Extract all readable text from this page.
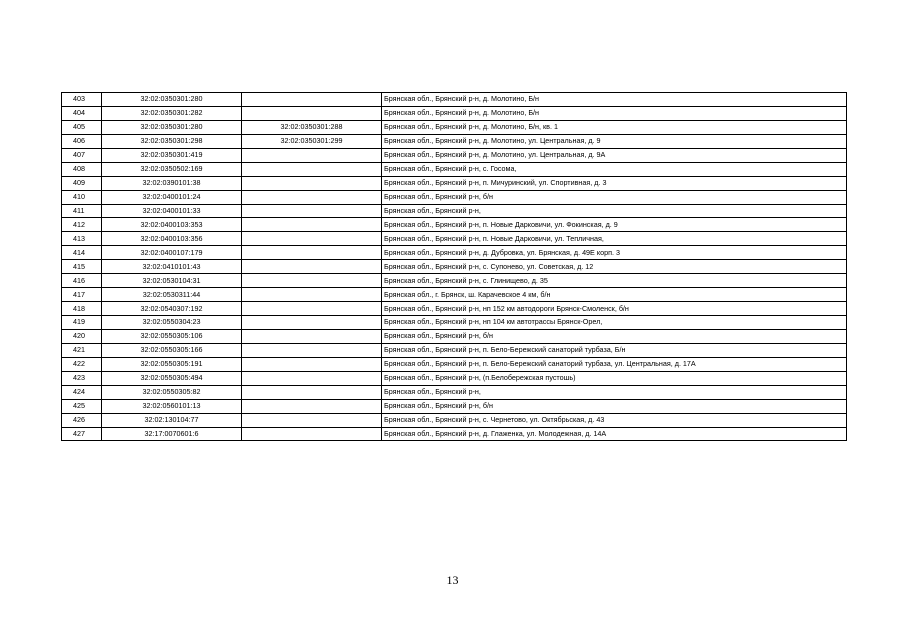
403	32:02:0350301:280		Брянская обл., Брянский р-н, д. Молотино, Б/н
404	32:02:0350301:282		Брянская обл., Брянский р-н, д. Молотино, Б/н
405	32:02:0350301:280	32:02:0350301:288	Брянская обл., Брянский р-н, д. Молотино, Б/н, кв. 1
406	32:02:0350301:298	32:02:0350301:299	Брянская обл., Брянский р-н, д. Молотино, ул. Центральная, д. 9
407	32:02:0350301:419		Брянская обл., Брянский р-н, д. Молотино, ул. Центральная, д. 9А
408	32:02:0350502:169		Брянская обл., Брянский р-н, с. Госома,
409	32:02:0390101:38		Брянская обл., Брянский р-н, п. Мичуринский, ул. Спортивная, д. 3
410	32:02:0400101:24		Брянская обл., Брянский р-н, б/н
411	32:02:0400101:33		Брянская обл., Брянский р-н,
412	32:02:0400103:353		Брянская обл., Брянский р-н, п. Новые Дарковичи, ул. Фокинская, д. 9
413	32:02:0400103:356		Брянская обл., Брянский р-н, п. Новые Дарковичи, ул. Тепличная,
414	32:02:0400107:179		Брянская обл., Брянский р-н, д. Дубровка, ул. Брянская, д. 49Е корп. 3
415	32:02:0410101:43		Брянская обл., Брянский р-н, с. Супонево, ул. Советская, д. 12
416	32:02:0530104:31		Брянская обл., Брянский р-н, с. Глинищево, д. 35
417	32:02:0530311:44		Брянская обл., г. Брянск, ш. Карачевское 4 км, б/н
418	32:02:0540307:192		Брянская обл., Брянский р-н, нп 152 км автодороги Брянск-Смоленск, б/н
419	32:02:0550304:23		Брянская обл., Брянский р-н, нп 104 км автотрассы Брянск-Орел,
420	32:02:0550305:106		Брянская обл., Брянский р-н, б/н
421	32:02:0550305:166		Брянская обл., Брянский р-н, п. Бело-Бережский санаторий турбаза, Б/н
422	32:02:0550305:191		Брянская обл., Брянский р-н, п. Бело-Бережский санаторий турбаза, ул. Центральная, д. 17А
423	32:02:0550305:494		Брянская обл., Брянский р-н, (п.Белобережская пустошь)
424	32:02:0550305:82		Брянская обл., Брянский р-н,
425	32:02:0560101:13		Брянская обл., Брянский р-н, б/н
426	32:02:130104:77		Брянская обл., Брянский р-н, с. Чернетово, ул. Октябрьская, д. 43
427	32:17:0070601:6		Брянская обл., Брянский р-н, д. Глаженка, ул. Молодежная, д. 14А
13
